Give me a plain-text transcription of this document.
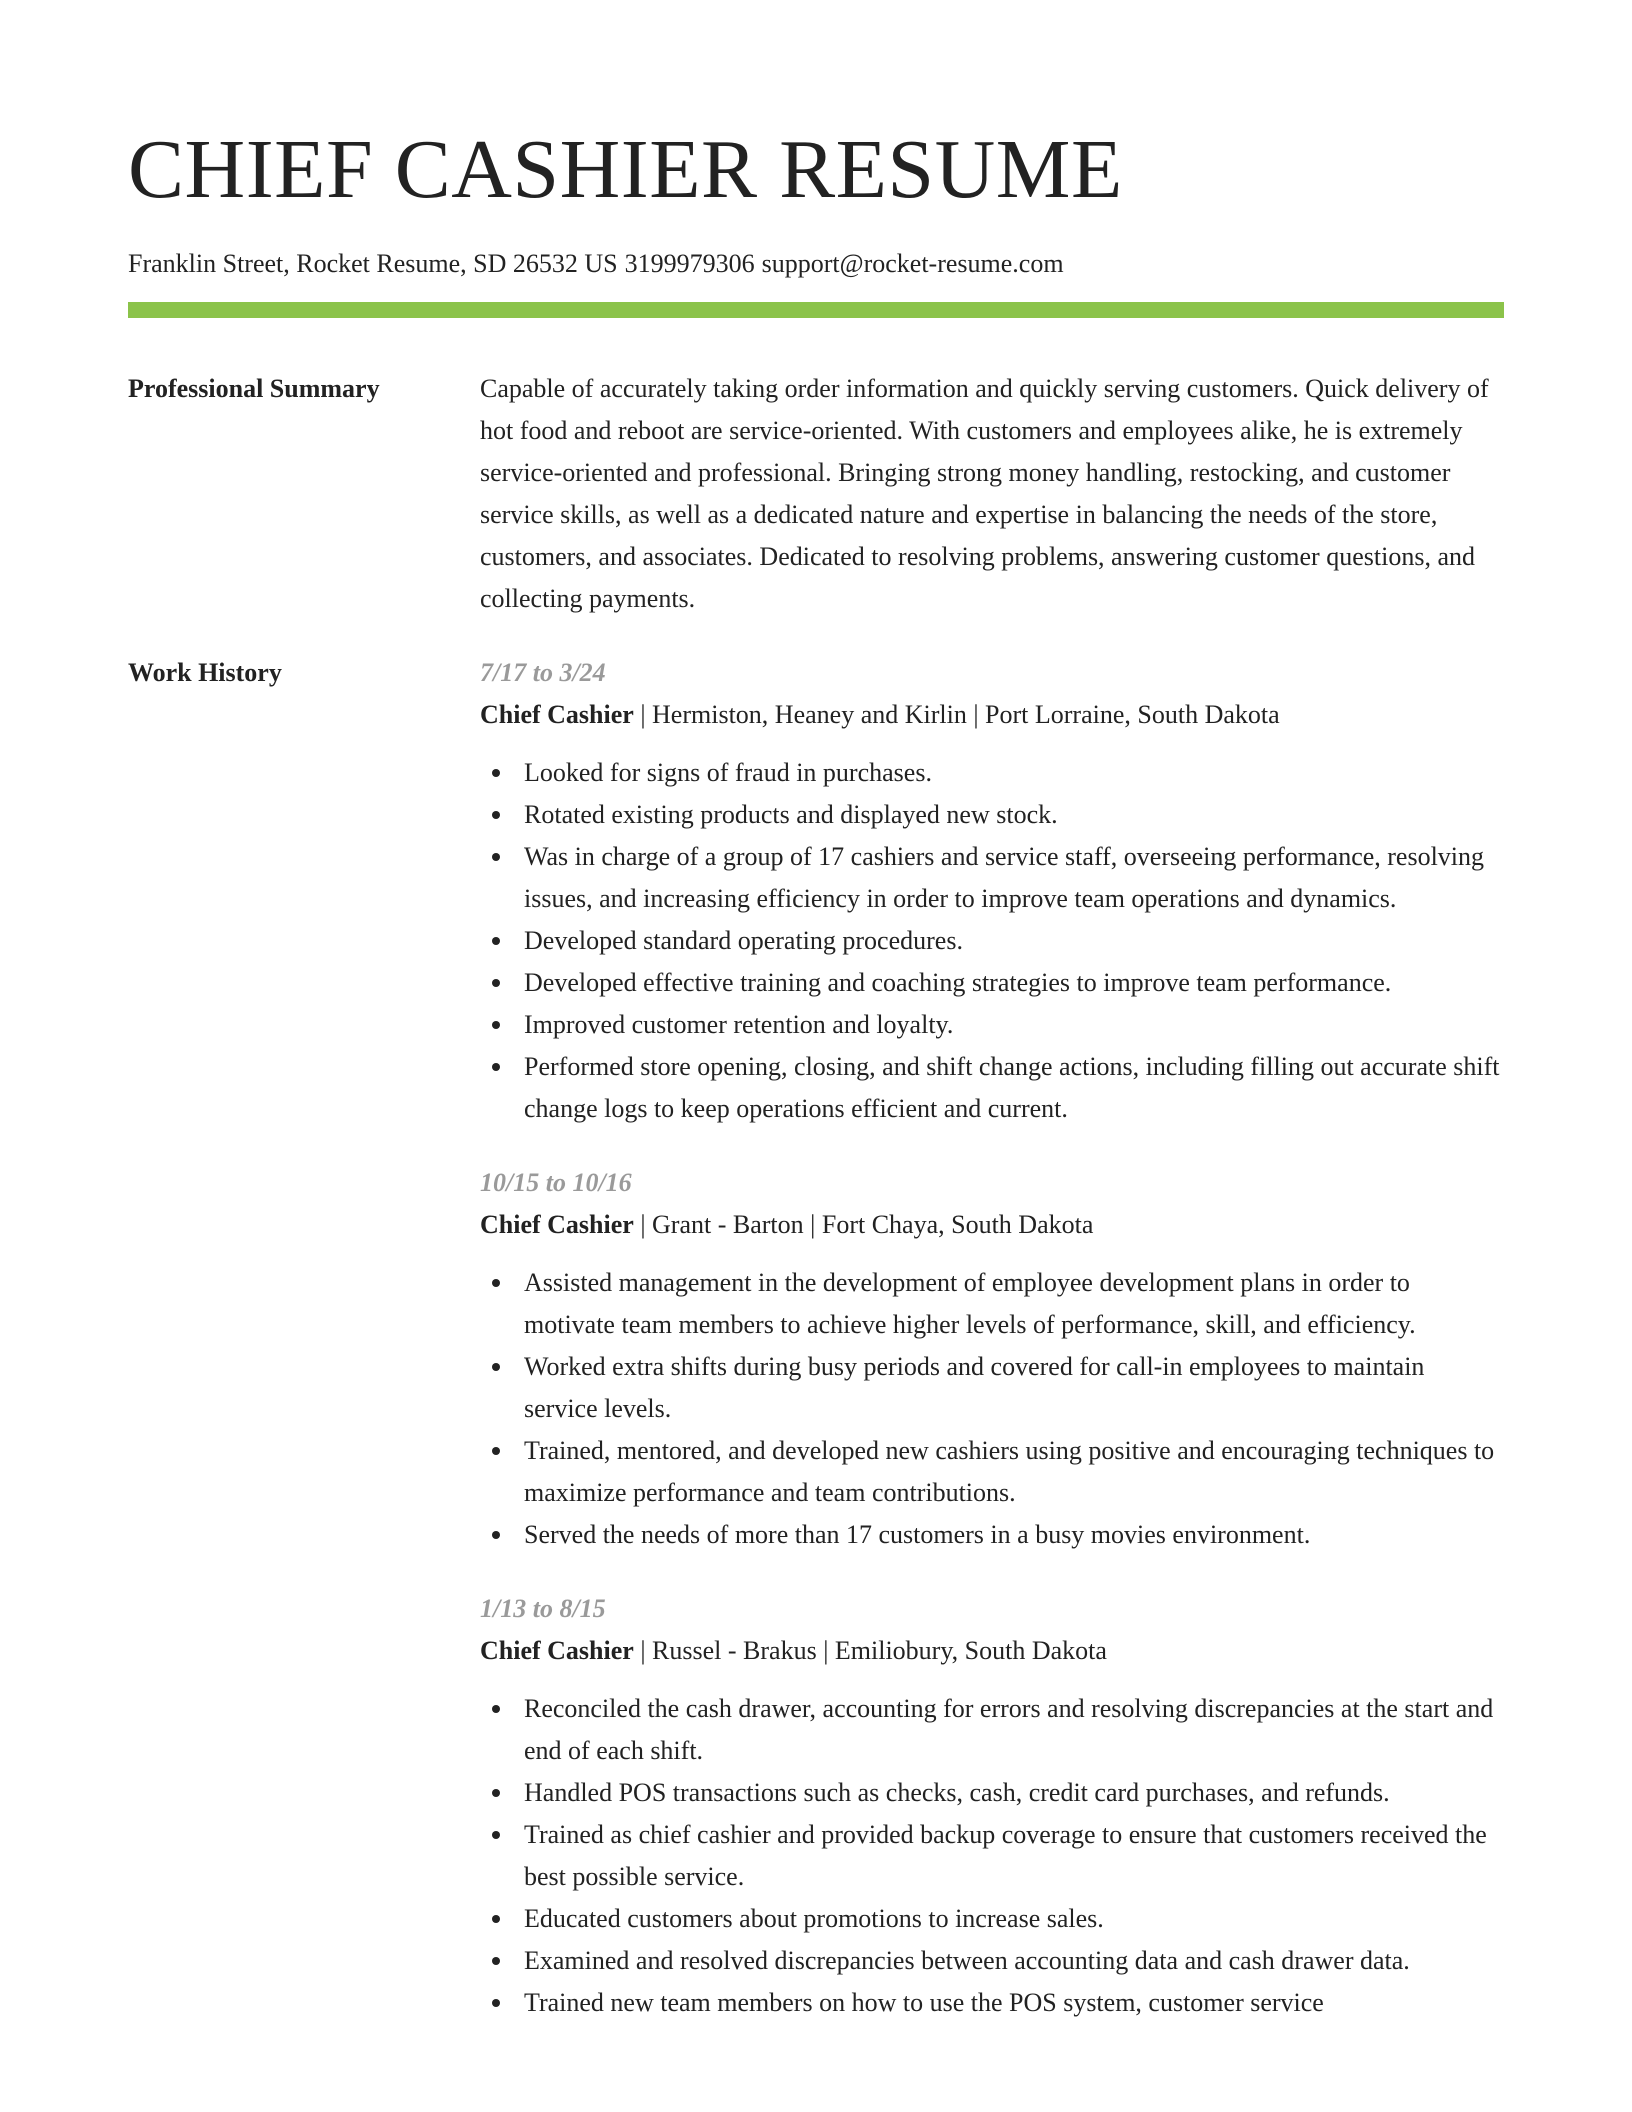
CHIEF CASHIER RESUME
Franklin Street, Rocket Resume, SD 26532 US 3199979306 support@rocket-resume.com
Professional Summary	Capable of accurately taking order information and quickly serving customers. Quick delivery of hot food and reboot are service-oriented. With customers and employees alike, he is extremely service-oriented and professional. Bringing strong money handling, restocking, and customer service skills, as well as a dedicated nature and expertise in balancing the needs of the store, customers, and associates. Dedicated to resolving problems, answering customer questions, and collecting payments.
Work History	7/17 to 3/24
Chief Cashier | Hermiston, Heaney and Kirlin | Port Lorraine, South Dakota
Looked for signs of fraud in purchases.
Rotated existing products and displayed new stock.
Was in charge of a group of 17 cashiers and service staff, overseeing performance, resolving issues, and increasing efficiency in order to improve team operations and dynamics.
Developed standard operating procedures.
Developed effective training and coaching strategies to improve team performance.
Improved customer retention and loyalty.
Performed store opening, closing, and shift change actions, including filling out accurate shift change logs to keep operations efficient and current.
10/15 to 10/16
Chief Cashier | Grant - Barton | Fort Chaya, South Dakota
Assisted management in the development of employee development plans in order to motivate team members to achieve higher levels of performance, skill, and efficiency.
Worked extra shifts during busy periods and covered for call-in employees to maintain service levels.
Trained, mentored, and developed new cashiers using positive and encouraging techniques to maximize performance and team contributions.
Served the needs of more than 17 customers in a busy movies environment.
1/13 to 8/15
Chief Cashier | Russel - Brakus | Emiliobury, South Dakota
Reconciled the cash drawer, accounting for errors and resolving discrepancies at the start and end of each shift.
Handled POS transactions such as checks, cash, credit card purchases, and refunds.
Trained as chief cashier and provided backup coverage to ensure that customers received the best possible service.
Educated customers about promotions to increase sales.
Examined and resolved discrepancies between accounting data and cash drawer data.
Trained new team members on how to use the POS system, customer service
